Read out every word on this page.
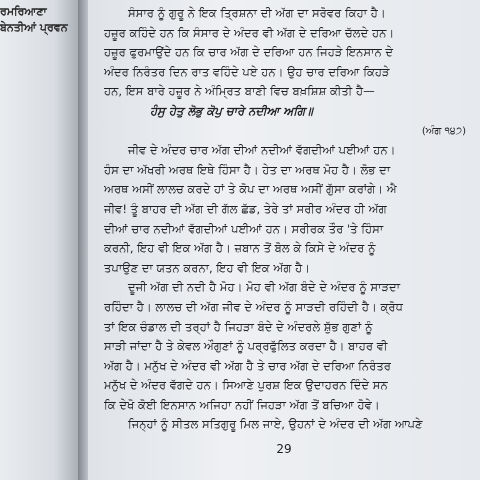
ਰਮਰਿਆਣਾ
ਬੇਨਤੀਆਂ ਪ੍ਰਵਨ
ਸੰਸਾਰ ਨੂੰ ਗੁਰੂ ਨੇ ਇਕ ਤ੍ਰਿਸ਼ਨਾ ਦੀ ਅੱਗ ਦਾ ਸਰੋਵਰ ਕਿਹਾ ਹੈ।
ਹਜ਼ੂਰ ਕਹਿੰਦੇ ਹਨ ਕਿ ਸੰਸਾਰ ਦੇ ਅੰਦਰ ਵੀ ਅੱਗ ਦੇ ਦਰਿਆ ਚੱਲਦੇ ਹਨ।
ਹਜ਼ੂਰ ਫੁਰਮਾਉਂਦੇ ਹਨ ਕਿ ਚਾਰ ਅੱਗ ਦੇ ਦਰਿਆ ਹਨ ਜਿਹੜੇ ਇਨਸਾਨ ਦੇ
ਅੰਦਰ ਨਿਰੰਤਰ ਦਿਨ ਰਾਤ ਵਹਿੰਦੇ ਪਏ ਹਨ। ਉਹ ਚਾਰ ਦਰਿਆ ਕਿਹੜੇ
ਹਨ, ਇਸ ਬਾਰੇ ਹਜ਼ੂਰ ਨੇ ਅੰਮ੍ਰਿਤ ਬਾਣੀ ਵਿਚ ਬਖ਼ਸ਼ਿਸ਼ ਕੀਤੀ ਹੈ—
ਹੰਸੁ ਹੇਤੁ ਲੋਭੁ ਕੋਪੁ ਚਾਰੇ ਨਦੀਆ ਅਗਿ॥
(ਅੰਗ ੧੪੭)
ਜੀਵ ਦੇ ਅੰਦਰ ਚਾਰ ਅੱਗ ਦੀਆਂ ਨਦੀਆਂ ਵੱਗਦੀਆਂ ਪਈਆਂ ਹਨ।
ਹੰਸ ਦਾ ਅੱਖਰੀ ਅਰਥ ਇਥੇ ਹਿੰਸਾ ਹੈ। ਹੇਤ ਦਾ ਅਰਥ ਮੋਹ ਹੈ। ਲੋਭ ਦਾ
ਅਰਥ ਅਸੀਂ ਲਾਲਚ ਕਰਦੇ ਹਾਂ ਤੇ ਕੋਪ ਦਾ ਅਰਥ ਅਸੀਂ ਗੁੱਸਾ ਕਰਾਂਗੇ। ਐ
ਜੀਵ! ਤੂੰ ਬਾਹਰ ਦੀ ਅੱਗ ਦੀ ਗੱਲ ਛੱਡ, ਤੇਰੇ ਤਾਂ ਸਰੀਰ ਅੰਦਰ ਹੀ ਅੱਗ
ਦੀਆਂ ਚਾਰ ਨਦੀਆਂ ਵੱਗਦੀਆਂ ਪਈਆਂ ਹਨ। ਸਰੀਰਕ ਤੌਰ 'ਤੇ ਹਿੰਸਾ
ਕਰਨੀ, ਇਹ ਵੀ ਇਕ ਅੱਗ ਹੈ। ਜ਼ਬਾਨ ਤੋਂ ਬੋਲ ਕੇ ਕਿਸੇ ਦੇ ਅੰਦਰ ਨੂੰ
ਤਪਾਉਣ ਦਾ ਯਤਨ ਕਰਨਾ, ਇਹ ਵੀ ਇਕ ਅੱਗ ਹੈ।
ਦੂਜੀ ਅੱਗ ਦੀ ਨਦੀ ਹੈ ਮੋਹ। ਮੋਹ ਵੀ ਅੱਗ ਬੰਦੇ ਦੇ ਅੰਦਰ ਨੂੰ ਸਾੜਦਾ
ਰਹਿੰਦਾ ਹੈ। ਲਾਲਚ ਦੀ ਅੱਗ ਜੀਵ ਦੇ ਅੰਦਰ ਨੂੰ ਸਾੜਦੀ ਰਹਿੰਦੀ ਹੈ। ਕ੍ਰੋਧ
ਤਾਂ ਇਕ ਚੰਡਾਲ ਦੀ ਤਰ੍ਹਾਂ ਹੈ ਜਿਹੜਾ ਬੰਦੇ ਦੇ ਅੰਦਰਲੇ ਸ਼ੁੱਭ ਗੁਣਾਂ ਨੂੰ
ਸਾੜੀ ਜਾਂਦਾ ਹੈ ਤੇ ਕੇਵਲ ਔਗੁਣਾਂ ਨੂੰ ਪਰ੍ਰਫੁੱਲਿਤ ਕਰਦਾ ਹੈ। ਬਾਹਰ ਵੀ
ਅੱਗ ਹੈ। ਮਨੁੱਖ ਦੇ ਅੰਦਰ ਵੀ ਅੱਗ ਹੈ ਤੇ ਚਾਰ ਅੱਗ ਦੇ ਦਰਿਆ ਨਿਰੰਤਰ
ਮਨੁੱਖ ਦੇ ਅੰਦਰ ਵੱਗਦੇ ਹਨ। ਸਿਆਣੇ ਪੁਰਸ਼ ਇਕ ਉਦਾਹਰਨ ਦਿੰਦੇ ਸਨ
ਕਿ ਦੇਖੋ ਕੋਈ ਇਨਸਾਨ ਅਜਿਹਾ ਨਹੀਂ ਜਿਹੜਾ ਅੱਗ ਤੋਂ ਬਚਿਆ ਹੋਵੇ।
ਜਿਨ੍ਹਾਂ ਨੂੰ ਸੀਤਲ ਸਤਿਗੁਰੂ ਮਿਲ ਜਾਏ, ਉਹਨਾਂ ਦੇ ਅੰਦਰ ਦੀ ਅੱਗ ਆਪਣੇ
29
